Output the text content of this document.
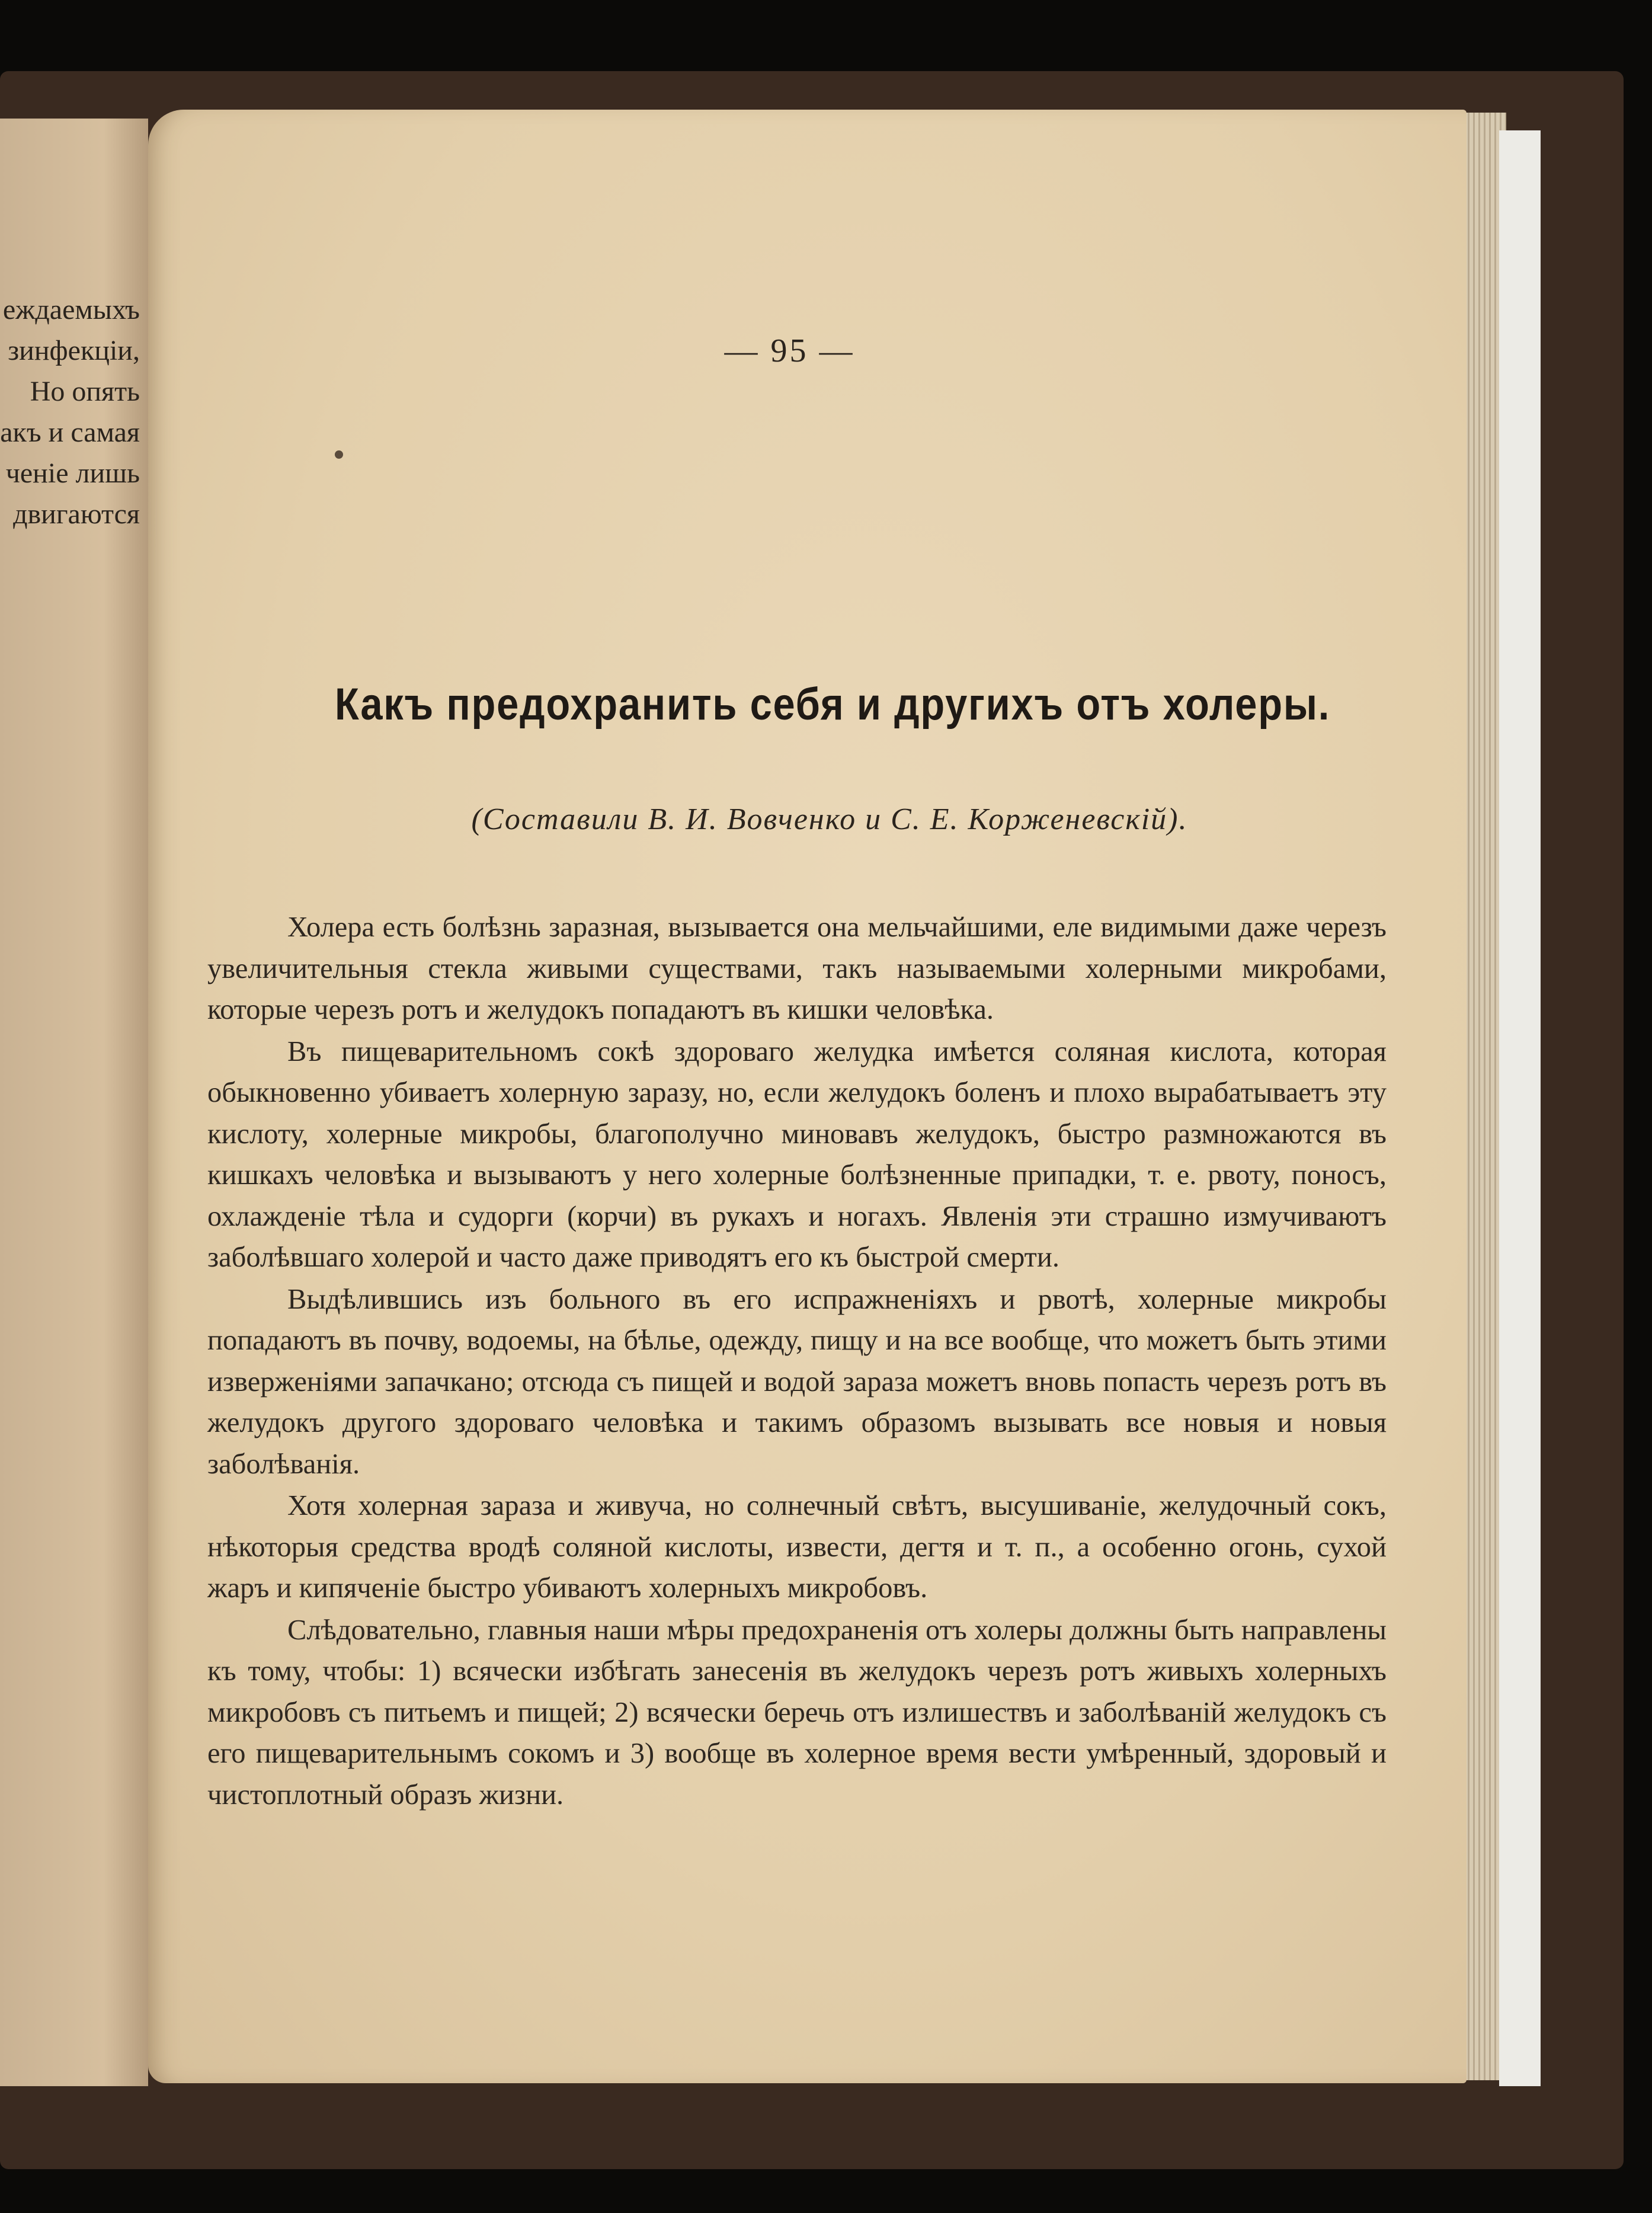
еждаемыхъ
зинфекціи,
Но опять
акъ и самая
ченіе лишь
двигаются
— 95 —
Какъ предохранить себя и другихъ отъ холеры.
(Составили В. И. Вовченко и С. Е. Корженевскій).

Холера есть болѣзнь заразная, вызывается она мельчайшими, еле видимыми даже черезъ увеличительныя стекла живыми существами, такъ называемыми холерными микробами, которые черезъ ротъ и желудокъ попадаютъ въ кишки человѣка.

Въ пищеварительномъ сокѣ здороваго желудка имѣется соляная кислота, которая обыкновенно убиваетъ холерную заразу, но, если желудокъ боленъ и плохо вырабатываетъ эту кислоту, холерные микробы, благополучно миновавъ желудокъ, быстро размножаются въ кишкахъ человѣка и вызываютъ у него холерные болѣзненные припадки, т. е. рвоту, поносъ, охлажденіе тѣла и судорги (корчи) въ рукахъ и ногахъ. Явленія эти страшно измучиваютъ заболѣвшаго холерой и часто даже приводятъ его къ быстрой смерти.

Выдѣлившись изъ больного въ его испражненіяхъ и рвотѣ, холерные микробы попадаютъ въ почву, водоемы, на бѣлье, одежду, пищу и на все вообще, что можетъ быть этими изверженіями запачкано; отсюда съ пищей и водой зараза можетъ вновь попасть черезъ ротъ въ желудокъ другого здороваго человѣка и такимъ образомъ вызывать все новыя и новыя заболѣванія.

Хотя холерная зараза и живуча, но солнечный свѣтъ, высушиваніе, желудочный сокъ, нѣкоторыя средства вродѣ соляной кислоты, извести, дегтя и т. п., а особенно огонь, сухой жаръ и кипяченіе быстро убиваютъ холерныхъ микробовъ.

Слѣдовательно, главныя наши мѣры предохраненія отъ холеры должны быть направлены къ тому, чтобы: 1) всячески избѣгать занесенія въ желудокъ черезъ ротъ живыхъ холерныхъ микробовъ съ питьемъ и пищей; 2) всячески беречь отъ излишествъ и заболѣваній желудокъ съ его пищеварительнымъ сокомъ и 3) вообще въ холерное время вести умѣренный, здоровый и чистоплотный образъ жизни.
